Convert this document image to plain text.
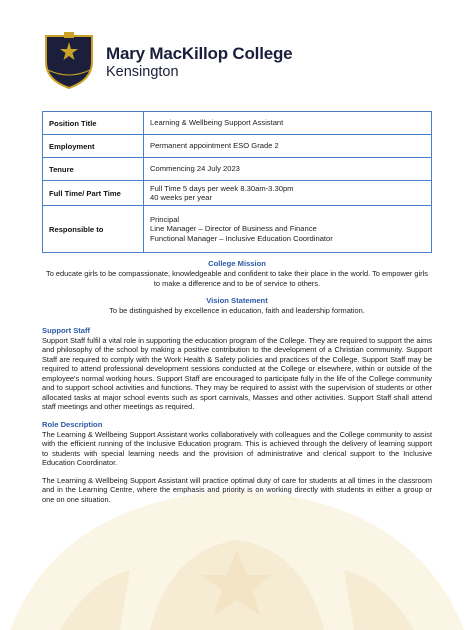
Mary MacKillop College
Kensington
Position Title	Learning & Wellbeing Support Assistant

Employment	Permanent appointment ESO Grade 2

Tenure	Commencing 24 July 2023

Full Time/ Part Time	Full Time 5 days per week 8.30am-3.30pm
40 weeks per year

Responsible to	Principal
Line Manager – Director of Business and Finance
Functional Manager – Inclusive Education Coordinator
College Mission
To educate girls to be compassionate, knowledgeable and confident to take their place in the world. To empower girls to make a difference and to be of service to others.
Vision Statement
To be distinguished by excellence in education, faith and leadership formation.
Support Staff
Support Staff fulfil a vital role in supporting the education program of the College. They are required to support the aims and philosophy of the school by making a positive contribution to the development of a Christian community. Support Staff are required to comply with the Work Health & Safety policies and practices of the College. Support Staff may be required to attend professional development sessions conducted at the College or elsewhere, within or outside of the employee's normal working hours. Support Staff are encouraged to participate fully in the life of the College community and to support school activities and functions. They may be required to assist with the supervision of students or other allocated tasks at major school events such as sport carnivals, Masses and other activities. Support Staff shall attend staff meetings and other meetings as required.
Role Description
The Learning & Wellbeing Support Assistant works collaboratively with colleagues and the College community to assist with the efficient running of the Inclusive Education program. This is achieved through the delivery of learning support to students with special learning needs and the provision of administrative and clerical support to the Inclusive Education Coordinator.
The Learning & Wellbeing Support Assistant will practice optimal duty of care for students at all times in the classroom and in the Learning Centre, where the emphasis and priority is on working directly with students in either a group or one on one situation.
